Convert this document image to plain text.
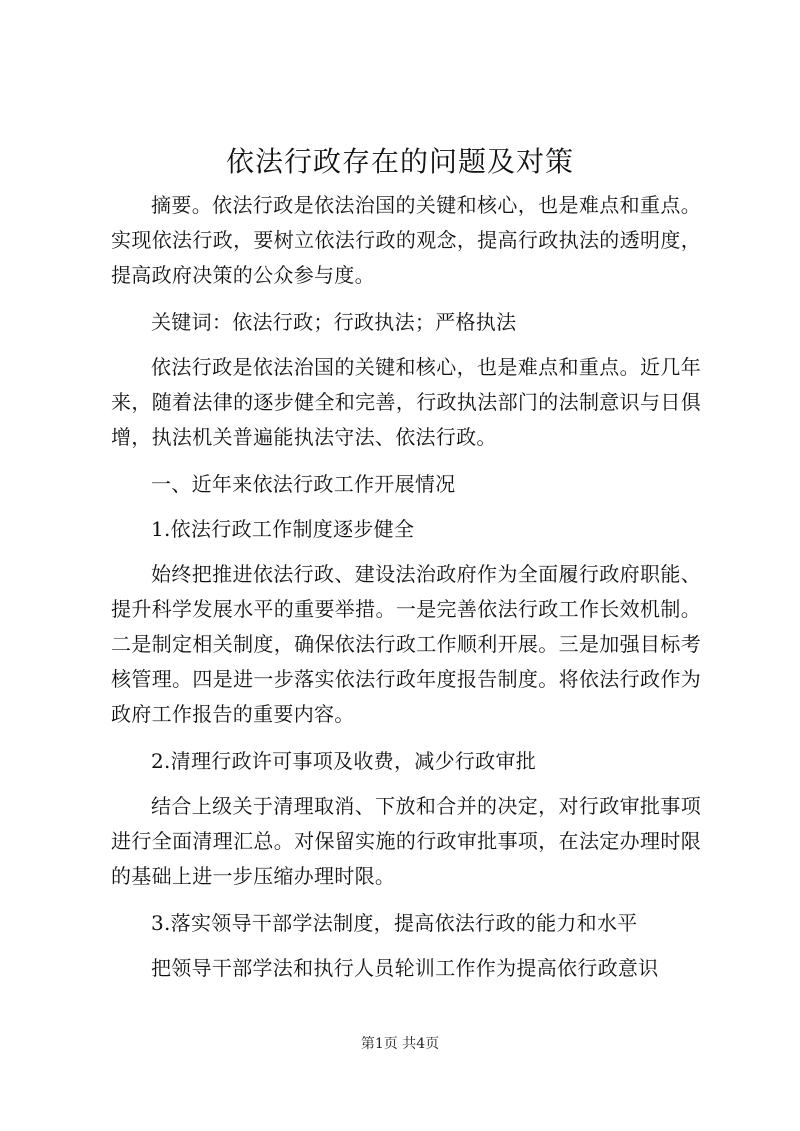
依法行政存在的问题及对策

摘要。依法行政是依法治国的关键和核心，也是难点和重点。实现依法行政，要树立依法行政的观念，提高行政执法的透明度，提高政府决策的公众参与度。

关键词：依法行政；行政执法；严格执法

依法行政是依法治国的关键和核心，也是难点和重点。近几年来，随着法律的逐步健全和完善，行政执法部门的法制意识与日俱增，执法机关普遍能执法守法、依法行政。

一、近年来依法行政工作开展情况

1.依法行政工作制度逐步健全

始终把推进依法行政、建设法治政府作为全面履行政府职能、提升科学发展水平的重要举措。一是完善依法行政工作长效机制。二是制定相关制度，确保依法行政工作顺利开展。三是加强目标考核管理。四是进一步落实依法行政年度报告制度。将依法行政作为政府工作报告的重要内容。

2.清理行政许可事项及收费，减少行政审批

结合上级关于清理取消、下放和合并的决定，对行政审批事项进行全面清理汇总。对保留实施的行政审批事项，在法定办理时限的基础上进一步压缩办理时限。

3.落实领导干部学法制度，提高依法行政的能力和水平

把领导干部学法和执行人员轮训工作作为提高依行政意识

第1页 共4页
